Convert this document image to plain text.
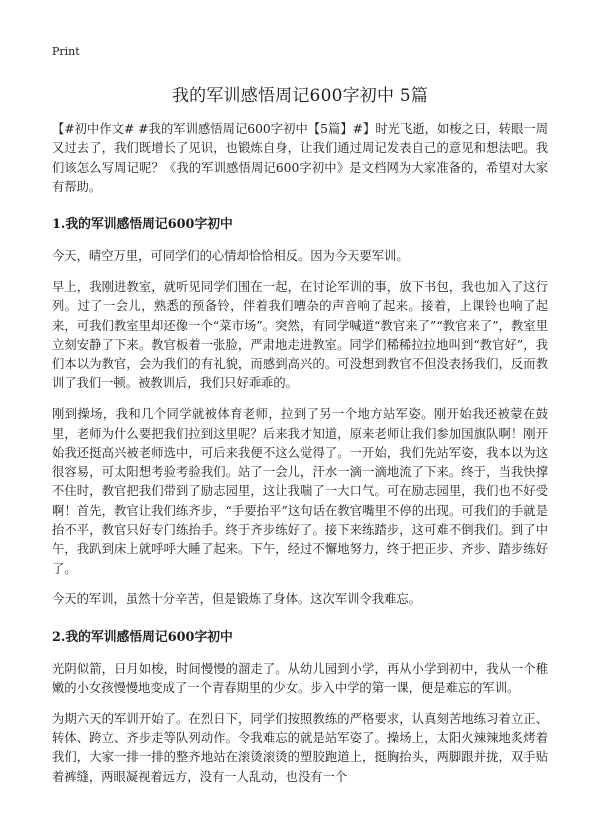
Print
我的军训感悟周记600字初中 5篇

【#初中作文# #我的军训感悟周记600字初中【5篇】#】时光飞逝，如梭之日，转眼一周又过去了，我们既增长了见识，也锻炼自身，让我们通过周记发表自己的意见和想法吧。我们该怎么写周记呢？《我的军训感悟周记600字初中》是文档网为大家准备的，希望对大家有帮助。

1.我的军训感悟周记600字初中

今天，晴空万里，可同学们的心情却恰恰相反。因为今天要军训。

早上，我刚进教室，就听见同学们围在一起，在讨论军训的事，放下书包，我也加入了这行列。过了一会儿，熟悉的预备铃，伴着我们嘈杂的声音响了起来。接着，上课铃也响了起来，可我们教室里却还像一个“菜市场”。突然，有同学喊道“教官来了”“教官来了”，教室里立刻安静了下来。教官板着一张脸，严肃地走进教室。同学们稀稀拉拉地叫到“教官好”，我们本以为教官，会为我们的有礼貌，而感到高兴的。可没想到教官不但没表扬我们，反而教训了我们一顿。被教训后，我们只好乖乖的。

刚到操场，我和几个同学就被体育老师，拉到了另一个地方站军姿。刚开始我还被蒙在鼓里，老师为什么要把我们拉到这里呢？后来我才知道，原来老师让我们参加国旗队啊！刚开始我还挺高兴被老师选中，可后来我便不这么觉得了。一开始，我们先站军姿，我本以为这很容易，可太阳想考验考验我们。站了一会儿，汗水一滴一滴地流了下来。终于，当我快撑不住时，教官把我们带到了励志园里，这让我喘了一大口气。可在励志园里，我们也不好受啊！首先，教官让我们练齐步，“手要抬平”这句话在教官嘴里不停的出现。可我们的手就是抬不平，教官只好专门练抬手。终于齐步练好了。接下来练踏步，这可难不倒我们。到了中午，我趴到床上就呼呼大睡了起来。下午，经过不懈地努力，终于把正步、齐步、踏步练好了。

今天的军训，虽然十分辛苦，但是锻炼了身体。这次军训令我难忘。

2.我的军训感悟周记600字初中

光阴似箭，日月如梭，时间慢慢的溜走了。从幼儿园到小学，再从小学到初中，我从一个稚嫩的小女孩慢慢地变成了一个青春期里的少女。步入中学的第一课，便是难忘的军训。

为期六天的军训开始了。在烈日下，同学们按照教练的严格要求，认真刻苦地练习着立正、转体、跨立、齐步走等队列动作。令我难忘的就是站军姿了。操场上，太阳火辣辣地炙烤着我们，大家一排一排的整齐地站在滚烫滚烫的塑胶跑道上，挺胸抬头，两脚跟并拢，双手贴着裤缝，两眼凝视着远方，没有一人乱动，也没有一个
